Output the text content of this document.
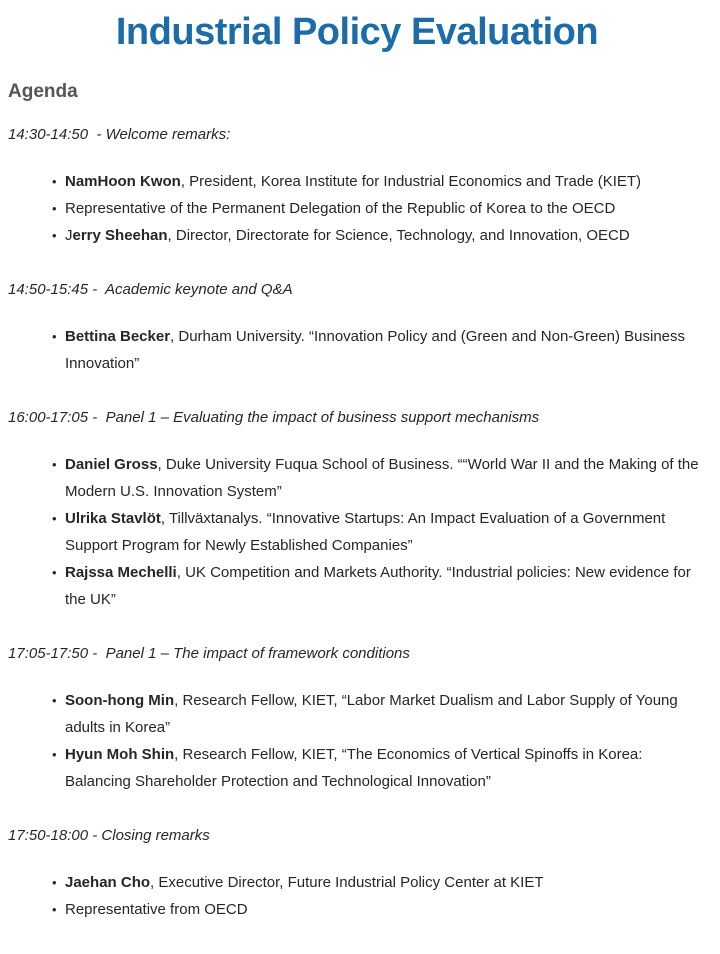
Industrial Policy Evaluation
Agenda

14:30-14:50  - Welcome remarks:

• NamHoon Kwon, President, Korea Institute for Industrial Economics and Trade (KIET)
• Representative of the Permanent Delegation of the Republic of Korea to the OECD
• Jerry Sheehan, Director, Directorate for Science, Technology, and Innovation, OECD

14:50-15:45 -  Academic keynote and Q&A

• Bettina Becker, Durham University. “Innovation Policy and (Green and Non-Green) Business Innovation”

16:00-17:05 -  Panel 1 – Evaluating the impact of business support mechanisms

• Daniel Gross, Duke University Fuqua School of Business. ““World War II and the Making of the Modern U.S. Innovation System”
• Ulrika Stavlöt, Tillväxtanalys. “Innovative Startups: An Impact Evaluation of a Government Support Program for Newly Established Companies”
• Rajssa Mechelli, UK Competition and Markets Authority. “Industrial policies: New evidence for the UK”

17:05-17:50 -  Panel 1 – The impact of framework conditions

• Soon-hong Min, Research Fellow, KIET, “Labor Market Dualism and Labor Supply of Young adults in Korea”
• Hyun Moh Shin, Research Fellow, KIET, “The Economics of Vertical Spinoffs in Korea: Balancing Shareholder Protection and Technological Innovation”

17:50-18:00 - Closing remarks

• Jaehan Cho, Executive Director, Future Industrial Policy Center at KIET
• Representative from OECD
